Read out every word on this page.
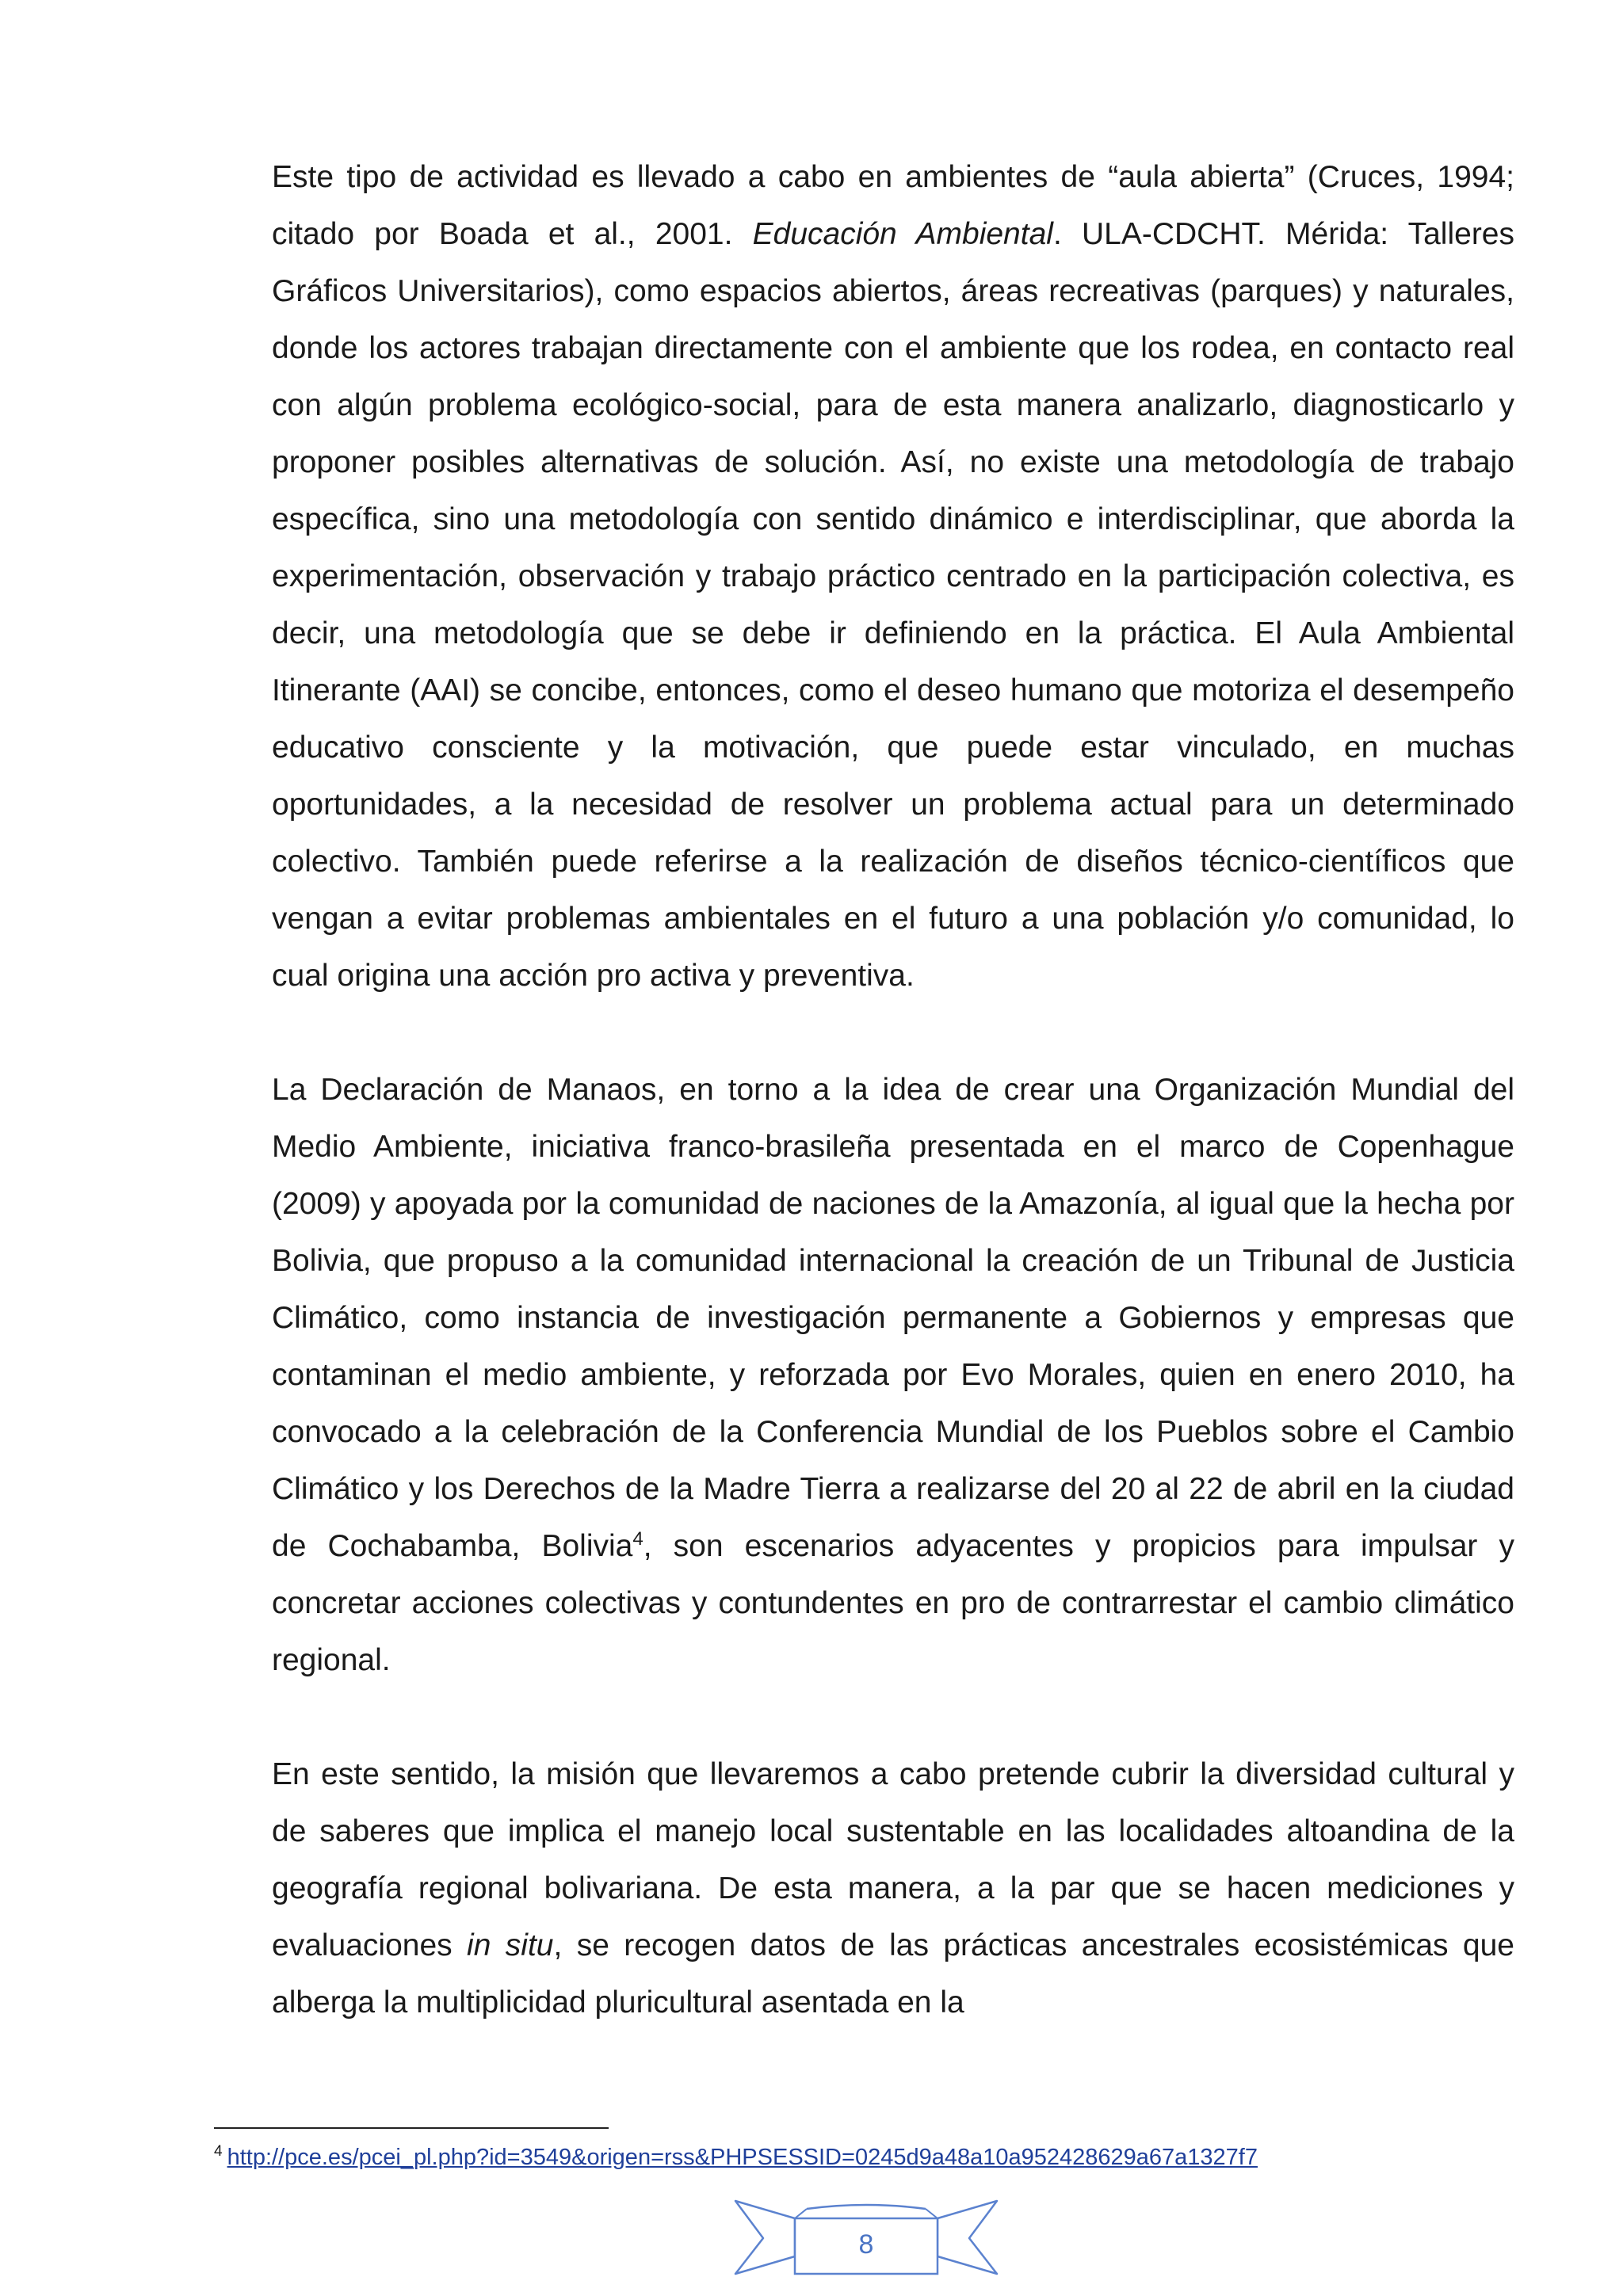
Este tipo de actividad es llevado a cabo en ambientes de “aula abierta” (Cruces, 1994; citado por Boada et al., 2001. Educación Ambiental. ULA-CDCHT. Mérida: Talleres Gráficos Universitarios), como espacios abiertos, áreas recreativas (parques) y naturales, donde los actores trabajan directamente con el ambiente que los rodea, en contacto real con algún problema ecológico-social, para de esta manera analizarlo, diagnosticarlo y proponer posibles alternativas de solución. Así, no existe una metodología de trabajo específica, sino una metodología con sentido dinámico e interdisciplinar, que aborda la experimentación, observación y trabajo práctico centrado en la participación colectiva, es decir, una metodología que se debe ir definiendo en la práctica. El Aula Ambiental Itinerante (AAI) se concibe, entonces, como el deseo humano que motoriza el desempeño educativo consciente y la motivación, que puede estar vinculado, en muchas oportunidades, a la necesidad de resolver un problema actual para un determinado colectivo. También puede referirse a la realización de diseños técnico-científicos que vengan a evitar problemas ambientales en el futuro a una población y/o comunidad, lo cual origina una acción pro activa y preventiva.

La Declaración de Manaos, en torno a la idea de crear una Organización Mundial del Medio Ambiente, iniciativa franco-brasileña presentada en el marco de Copenhague (2009) y apoyada por la comunidad de naciones de la Amazonía, al igual que la hecha por Bolivia, que propuso a la comunidad internacional la creación de un Tribunal de Justicia Climático, como instancia de investigación permanente a Gobiernos y empresas que contaminan el medio ambiente, y reforzada por Evo Morales, quien en enero 2010, ha convocado a la celebración de la Conferencia Mundial de los Pueblos sobre el Cambio Climático y los Derechos de la Madre Tierra a realizarse del 20 al 22 de abril en la ciudad de Cochabamba, Bolivia$^4$, son escenarios adyacentes y propicios para impulsar y concretar acciones colectivas y contundentes en pro de contrarrestar el cambio climático regional.

En este sentido, la misión que llevaremos a cabo pretende cubrir la diversidad cultural y de saberes que implica el manejo local sustentable en las localidades altoandina de la geografía regional bolivariana. De esta manera, a la par que se hacen mediciones y evaluaciones in situ, se recogen datos de las prácticas ancestrales ecosistémicas que alberga la multiplicidad pluricultural asentada en la

$^4$ http://pce.es/pcei_pl.php?id=3549&origen=rss&PHPSESSID=0245d9a48a10a952428629a67a1327f7
8
